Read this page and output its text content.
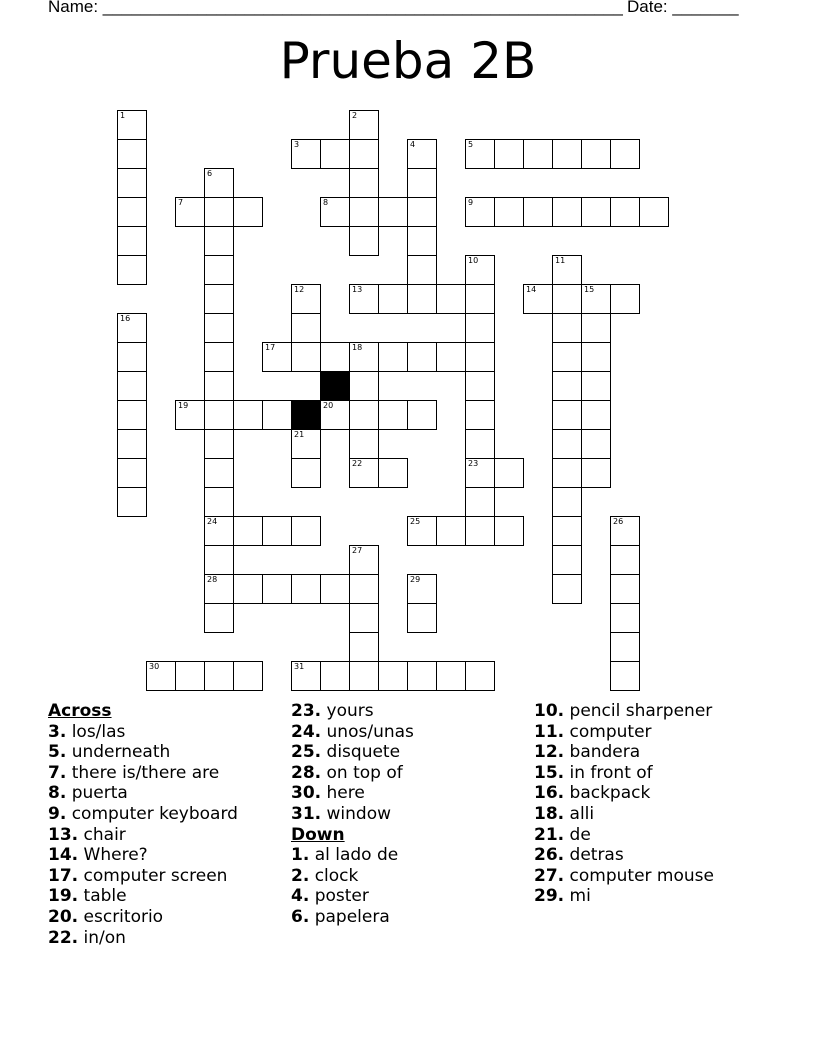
Name: _______________________________________________________ Date: _______
Prueba 2B
1	2
3	4	5
6
7	8	9
10	11
12	13	14	15
16
17	18
19	20
21
22	23
24	25	26
27
28	29
30	31
Across
3. los/las
5. underneath
7. there is/there are
8. puerta
9. computer keyboard
13. chair
14. Where?
17. computer screen
19. table
20. escritorio
22. in/on
23. yours
24. unos/unas
25. disquete
28. on top of
30. here
31. window
Down
1. al lado de
2. clock
4. poster
6. papelera
10. pencil sharpener
11. computer
12. bandera
15. in front of
16. backpack
18. alli
21. de
26. detras
27. computer mouse
29. mi
